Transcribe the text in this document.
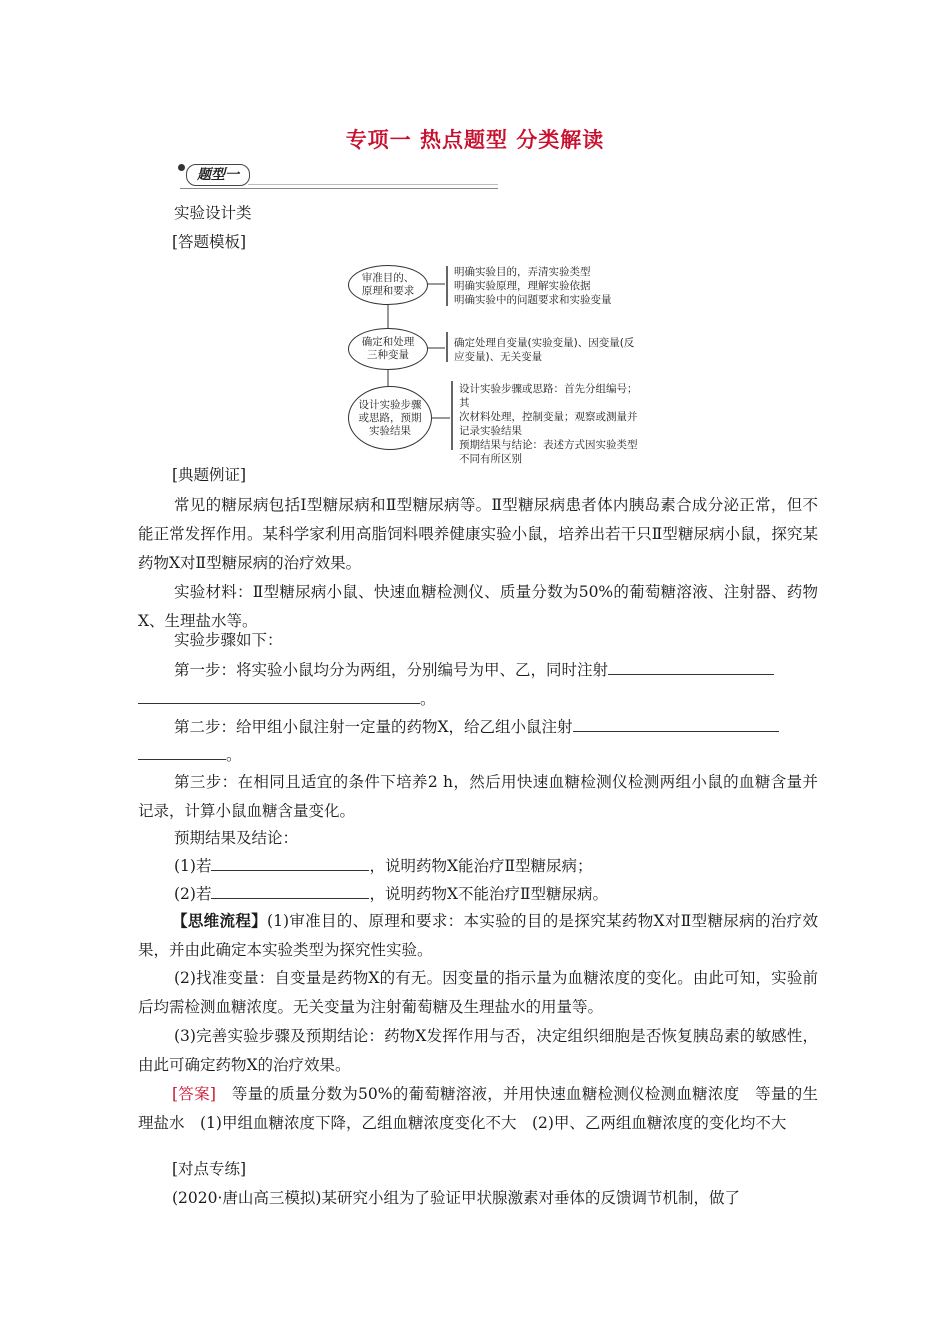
专项一 热点题型 分类解读
题型一
实验设计类
[答题模板]
审准目的、
原理和要求
明确实验目的，弄清实验类型
明确实验原理，理解实验依据
明确实验中的问题要求和实验变量
确定和处理
三种变量
确定处理自变量(实验变量)、因变量(反
应变量)、无关变量
设计实验步骤
或思路，预期
实验结果
设计实验步骤或思路：首先分组编号；其
次材料处理，控制变量；观察或测量并
记录实验结果
预期结果与结论：表述方式因实验类型
不同有所区别
[典题例证]
常见的糖尿病包括Ⅰ型糖尿病和Ⅱ型糖尿病等。Ⅱ型糖尿病患者体内胰岛素合成分泌正常，但不能正常发挥作用。某科学家利用高脂饲料喂养健康实验小鼠，培养出若干只Ⅱ型糖尿病小鼠，探究某药物X对Ⅱ型糖尿病的治疗效果。
实验材料：Ⅱ型糖尿病小鼠、快速血糖检测仪、质量分数为50%的葡萄糖溶液、注射器、药物X、生理盐水等。
实验步骤如下：
第一步：将实验小鼠均分为两组，分别编号为甲、乙，同时注射
。
第二步：给甲组小鼠注射一定量的药物X，给乙组小鼠注射
。
第三步：在相同且适宜的条件下培养2 h，然后用快速血糖检测仪检测两组小鼠的血糖含量并记录，计算小鼠血糖含量变化。
预期结果及结论：
(1)若	，说明药物X能治疗Ⅱ型糖尿病；
(2)若	，说明药物X不能治疗Ⅱ型糖尿病。
【思维流程】(1)审准目的、原理和要求：本实验的目的是探究某药物X对Ⅱ型糖尿病的治疗效果，并由此确定本实验类型为探究性实验。
(2)找准变量：自变量是药物X的有无。因变量的指示量为血糖浓度的变化。由此可知，实验前后均需检测血糖浓度。无关变量为注射葡萄糖及生理盐水的用量等。
(3)完善实验步骤及预期结论：药物X发挥作用与否，决定组织细胞是否恢复胰岛素的敏感性，由此可确定药物X的治疗效果。
[答案]　 等量的质量分数为50%的葡萄糖溶液，并用快速血糖检测仪检测血糖浓度　等量的生理盐水　(1)甲组血糖浓度下降，乙组血糖浓度变化不大　(2)甲、乙两组血糖浓度的变化均不大
[对点专练]
(2020·唐山高三模拟)某研究小组为了验证甲状腺激素对垂体的反馈调节机制，做了
